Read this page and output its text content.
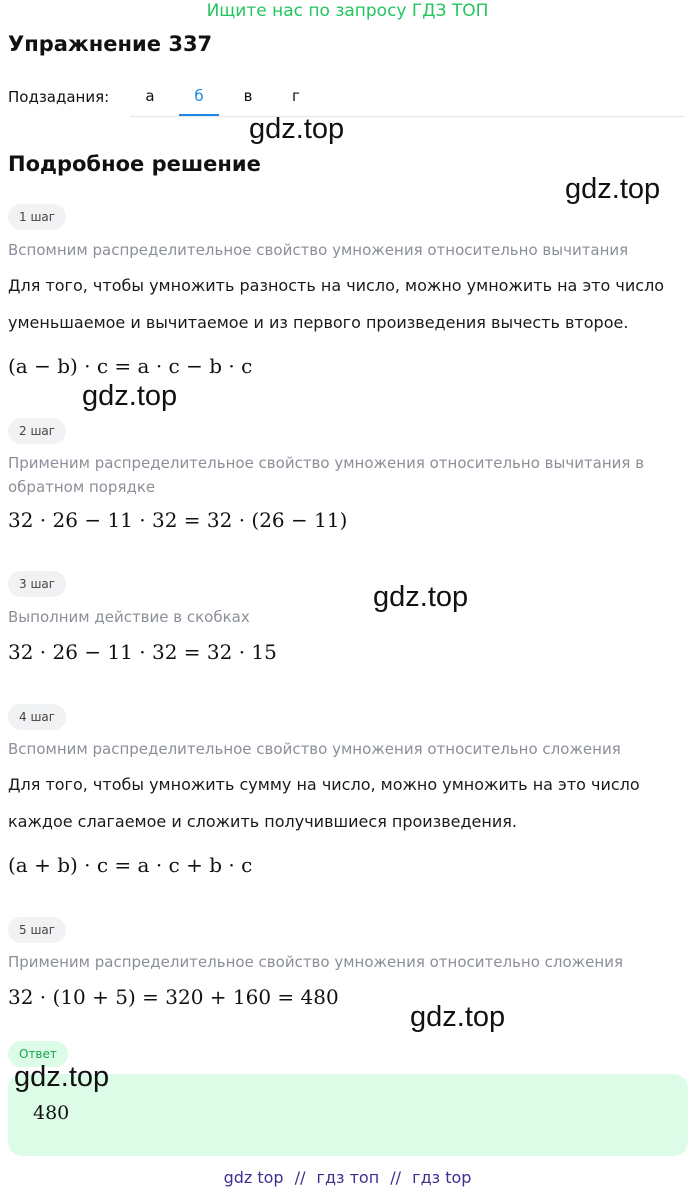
Ищите нас по запросу ГДЗ ТОП
Упражнение 337
Подзадания:	а	б	в	г
gdz.top
gdz.top
gdz.top
gdz.top
gdz.top
gdz.top
Подробное решение
1 шаг
Вспомним распределительное свойство умножения относительно вычитания
Для того, чтобы умножить разность на число, можно умножить на это число
уменьшаемое и вычитаемое и из первого произведения вычесть второе.
(a − b) · c = a · c − b · c
2 шаг
Применим распределительное свойство умножения относительно вычитания в обратном порядке
32 · 26 − 11 · 32 = 32 · (26 − 11)
3 шаг
Выполним действие в скобках
32 · 26 − 11 · 32 = 32 · 15
4 шаг
Вспомним распределительное свойство умножения относительно сложения
Для того, чтобы умножить сумму на число, можно умножить на это число
каждое слагаемое и сложить получившиеся произведения.
(a + b) · c = a · c + b · c
5 шаг
Применим распределительное свойство умножения относительно сложения
32 · (10 + 5) = 320 + 160 = 480
Ответ
480
gdz top // гдз топ // гдз top
